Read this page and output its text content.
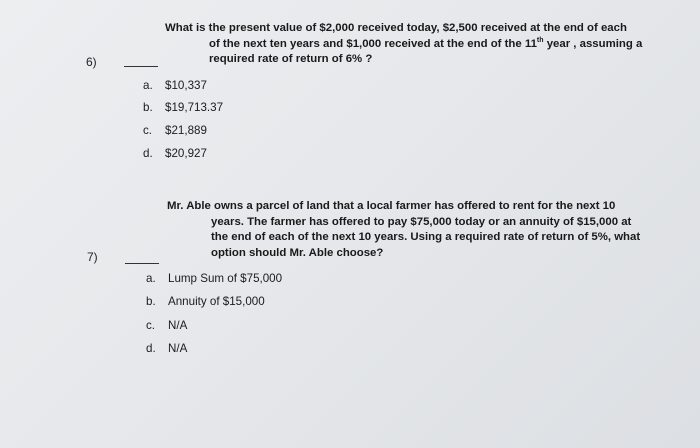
What is the present value of $2,000 received today, $2,500 received at the end of each
of the next ten years and $1,000 received at the end of the 11th year , assuming a
required rate of return of 6% ?
6)
a. $10,337
b. $19,713.37
c. $21,889
d. $20,927
Mr. Able owns a parcel of land that a local farmer has offered to rent for the next 10
years. The farmer has offered to pay $75,000 today or an annuity of $15,000 at
the end of each of the next 10 years. Using a required rate of return of 5%, what
option should Mr. Able choose?
7)
a. Lump Sum of $75,000
b. Annuity of $15,000
c. N/A
d. N/A
